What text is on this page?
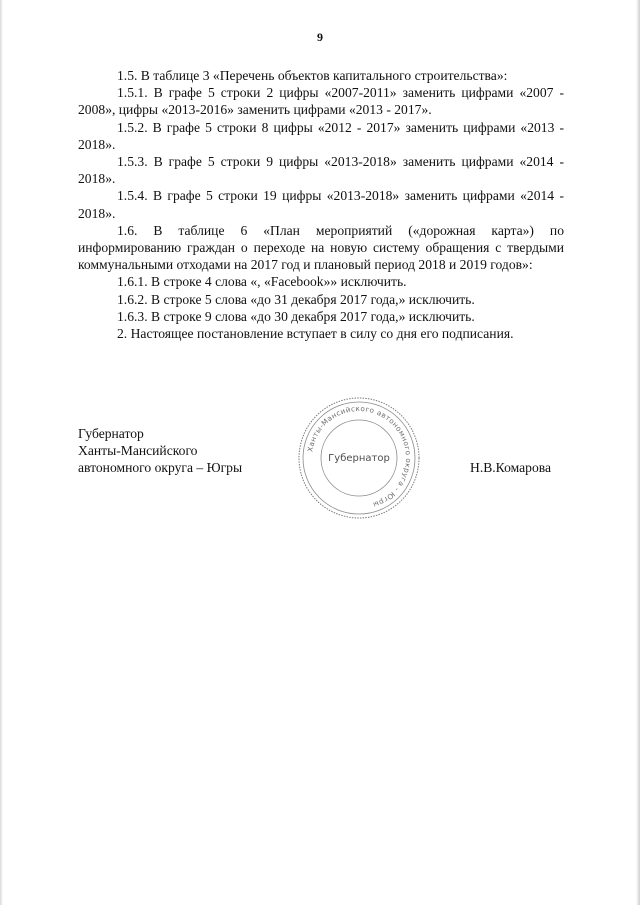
9

1.5. В таблице 3 «Перечень объектов капитального строительства»:

1.5.1. В графе 5 строки 2 цифры «2007-2011» заменить цифрами «2007 - 2008», цифры «2013-2016» заменить цифрами «2013 - 2017».

1.5.2. В графе 5 строки 8 цифры «2012 - 2017» заменить цифрами «2013 - 2018».

1.5.3. В графе 5 строки 9 цифры «2013-2018» заменить цифрами «2014 - 2018».

1.5.4. В графе 5 строки 19 цифры «2013-2018» заменить цифрами «2014 - 2018».

1.6. В таблице 6 «План мероприятий («дорожная карта») по информированию граждан о переходе на новую систему обращения с твердыми коммунальными отходами на 2017 год и плановый период 2018 и 2019 годов»:

1.6.1. В строке 4 слова «, «Facebook»» исключить.

1.6.2. В строке 5 слова «до 31 декабря 2017 года,» исключить.

1.6.3. В строке 9 слова «до 30 декабря 2017 года,» исключить.

2. Настоящее постановление вступает в силу со дня его подписания.

Губернатор
Ханты-Мансийского
автономного округа – Югры
Ханты-Мансийского автономного округа - Югры
Губернатор
Н.В.Комарова
